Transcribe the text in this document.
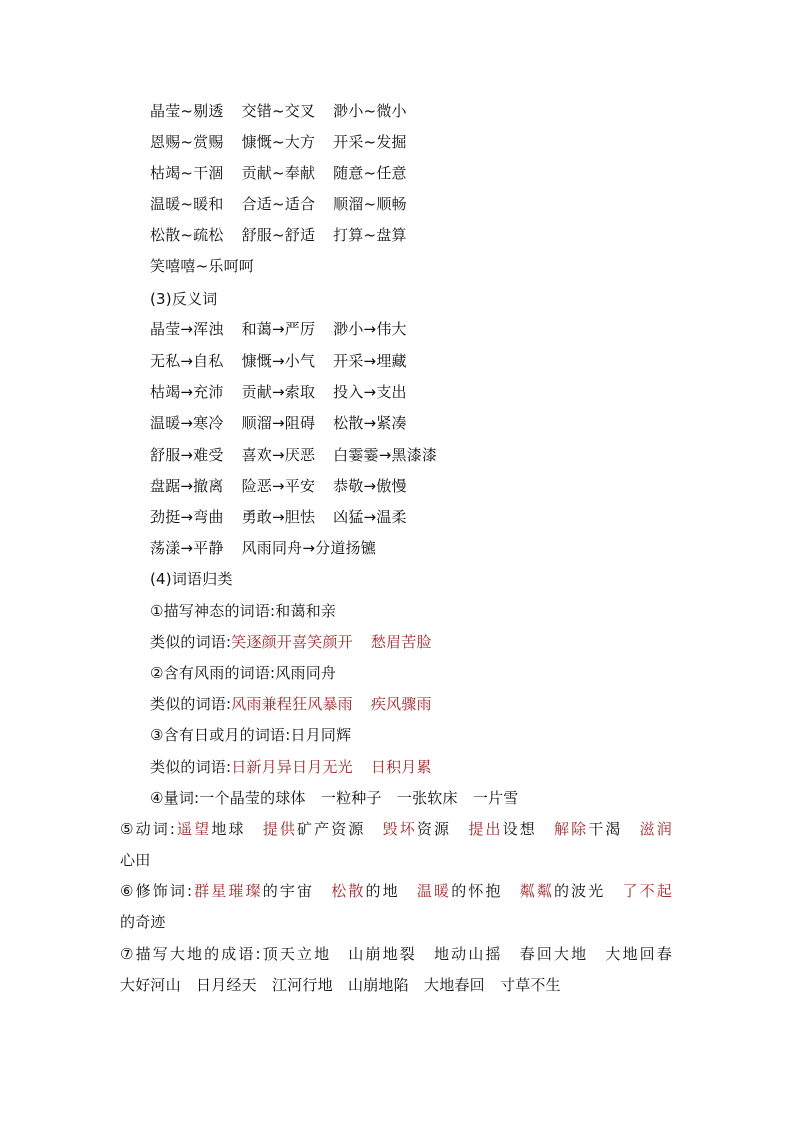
晶莹~剔透 交错~交叉 渺小~微小
恩赐~赏赐 慷慨~大方 开采~发掘
枯竭~干涸 贡献~奉献 随意~任意
温暖~暖和 合适~适合 顺溜~顺畅
松散~疏松 舒服~舒适 打算~盘算
笑嘻嘻~乐呵呵
(3)反义词
晶莹→浑浊 和蔼→严厉 渺小→伟大
无私→自私 慷慨→小气 开采→埋藏
枯竭→充沛 贡献→索取 投入→支出
温暖→寒冷 顺溜→阻碍 松散→紧凑
舒服→难受 喜欢→厌恶 白霎霎→黑漆漆
盘踞→撤离 险恶→平安 恭敬→傲慢
劲挺→弯曲 勇敢→胆怯 凶猛→温柔
荡漾→平静 风雨同舟→分道扬镳
(4)词语归类
①描写神态的词语:和蔼和亲
类似的词语:笑逐颜开喜笑颜开 愁眉苦脸
②含有风雨的词语:风雨同舟
类似的词语:风雨兼程狂风暴雨 疾风骤雨
③含有日或月的词语:日月同辉
类似的词语:日新月异日月无光 日积月累
④量词:一个晶莹的球体　一粒种子　一张软床　一片雪
⑤动词:遥望地球　 提供矿产资源　 毁坏资源　 提出设想　 解除干渴　 滋润
心田
⑥修饰词:群星璀璨的宇宙　 松散的地　 温暖的怀抱　 粼粼的波光　 了不起
的奇迹
⑦描写大地的成语:顶天立地　山崩地裂　地动山摇　春回大地　大地回春
大好河山　日月经天　江河行地　山崩地陷　大地春回　寸草不生
